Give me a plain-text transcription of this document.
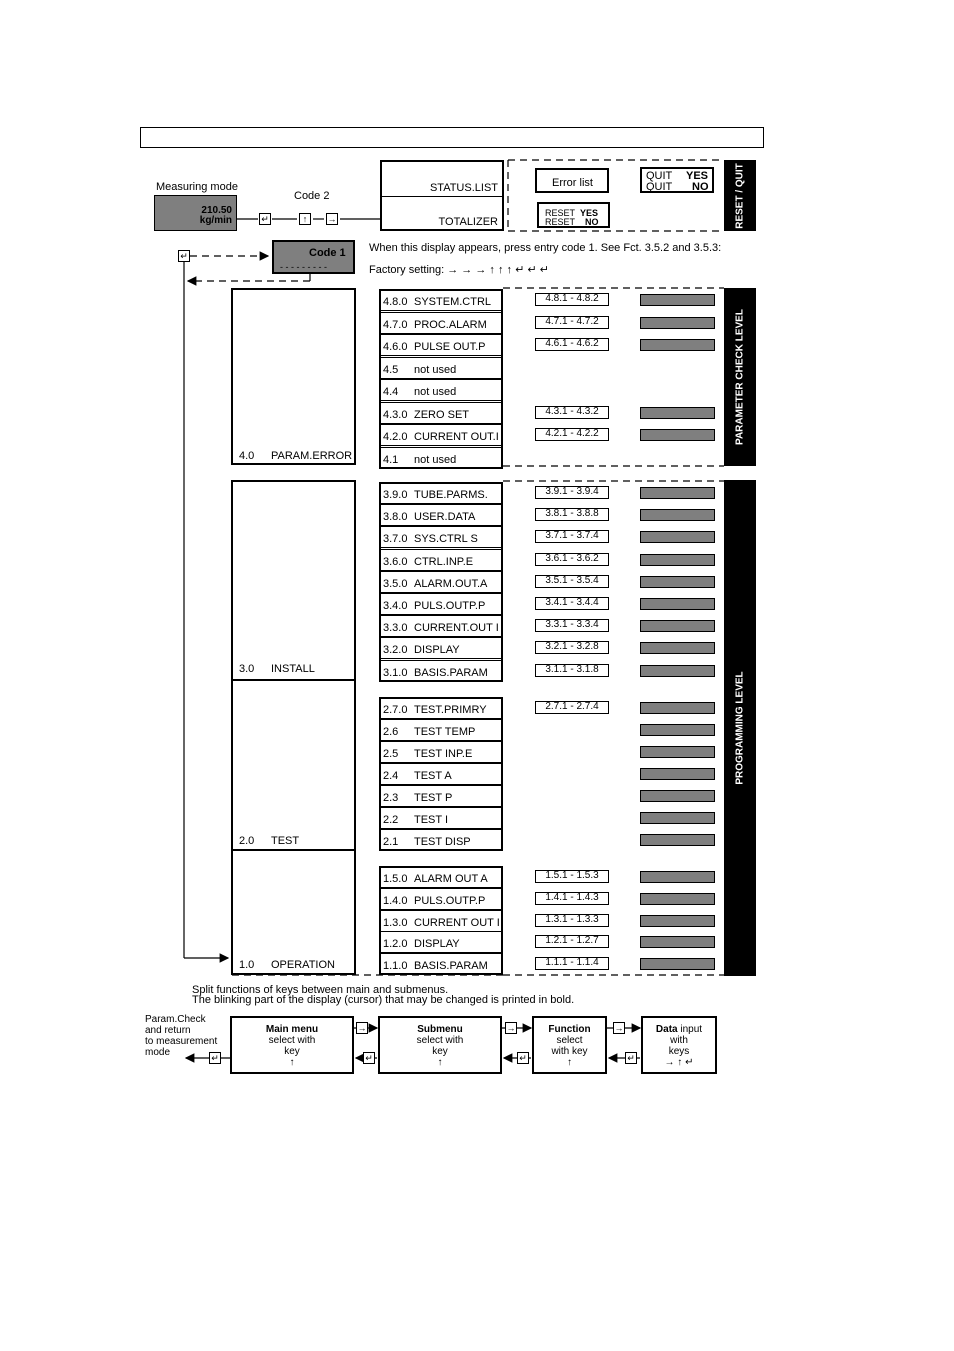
Measuring mode
210.50
kg/min
Code 2
↵	↑	→
STATUS.LIST
TOTALIZER
Error list
RESET YES
RESET NO
QUIT YES
QUIT NO	RESET / QUIT
↵	Code 1
- - - - - - - - -
When this display appears, press entry code 1. See Fct. 3.5.2 and 3.5.3:
Factory setting: → → → ↑ ↑ ↑ ↵ ↵ ↵
4.0 PARAM.ERROR
PARAMETER CHECK LEVEL
3.0 INSTALL
2.0 TEST
1.0 OPERATION
PROGRAMMING LEVEL
4.8.0 SYSTEM.CTRL	4.8.1 - 4.8.2
4.7.0 PROC.ALARM	4.7.1 - 4.7.2
4.6.0 PULSE OUT.P	4.6.1 - 4.6.2
4.5 not used
4.4 not used
4.3.0 ZERO SET	4.3.1 - 4.3.2
4.2.0 CURRENT OUT.I	4.2.1 - 4.2.2
4.1 not used
3.9.0 TUBE.PARMS.	3.9.1 - 3.9.4
3.8.0 USER.DATA	3.8.1 - 3.8.8
3.7.0 SYS.CTRL S	3.7.1 - 3.7.4
3.6.0 CTRL.INP.E	3.6.1 - 3.6.2
3.5.0 ALARM.OUT.A	3.5.1 - 3.5.4
3.4.0 PULS.OUTP.P	3.4.1 - 3.4.4
3.3.0 CURRENT.OUT I	3.3.1 - 3.3.4
3.2.0 DISPLAY	3.2.1 - 3.2.8
3.1.0 BASIS.PARAM	3.1.1 - 3.1.8
2.7.0 TEST.PRIMRY	2.7.1 - 2.7.4
2.6 TEST TEMP
2.5 TEST INP.E
2.4 TEST A
2.3 TEST P
2.2 TEST I
2.1 TEST DISP
1.5.0 ALARM OUT A	1.5.1 - 1.5.3
1.4.0 PULS.OUTP.P	1.4.1 - 1.4.3
1.3.0 CURRENT OUT I	1.3.1 - 1.3.3
1.2.0 DISPLAY	1.2.1 - 1.2.7
1.1.0 BASIS.PARAM	1.1.1 - 1.1.4
Split functions of keys between main and submenus.
The blinking part of the display (cursor) that may be changed is printed in bold.
Param.Check
and return
to measurement
mode
Main menu
select with
key
↑
Submenu
select with
key
↑
Function
select
with key
↑
Data input
with
keys
→ ↑ ↵
↵
→
↵
→
↵
→
↵
